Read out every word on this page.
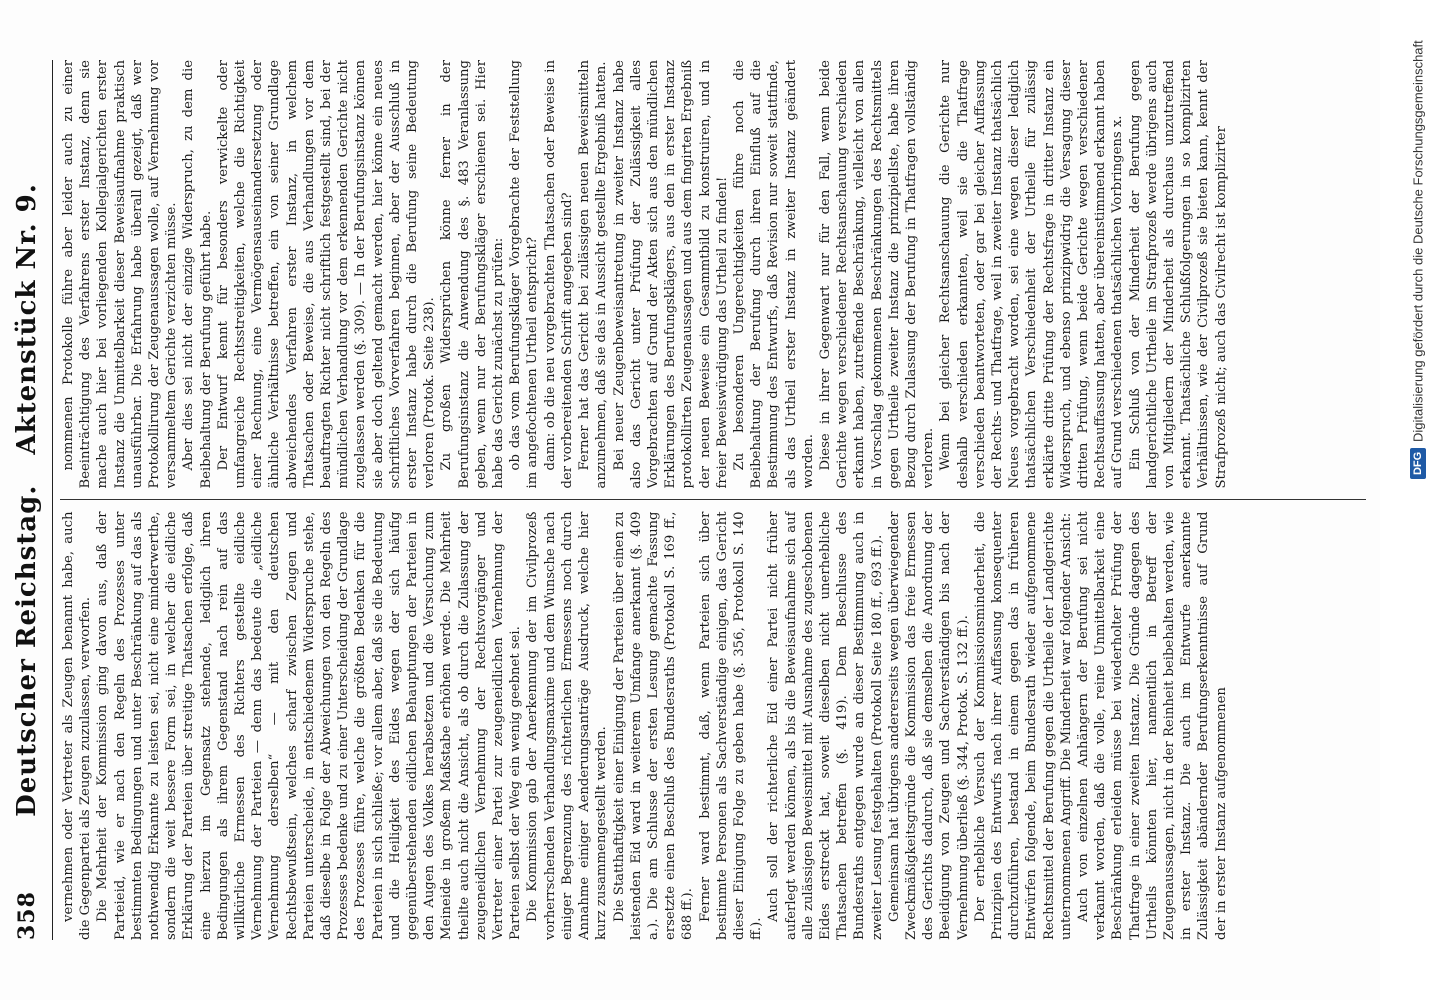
358
Deutscher Reichstag. Aktenstück Nr. 9.

vernehmen oder Vertreter als Zeugen benannt habe, auch die Gegenpartei als Zeugen zuzulassen, verworfen. Die Mehrheit der Kommission ging davon aus, daß der Parteieid, wie er nach den Regeln des Prozesses unter bestimmten Bedingungen und unter Beschränkung auf das als nothwendig Erkannte zu leisten sei, nicht eine minderwerthe, sondern die weit bessere Form sei, in welcher die eidliche Erklärung der Parteien über streitige Thatsachen erfolge, daß eine hierzu im Gegensatz stehende, lediglich ihren Bedingungen als ihrem Gegenstand nach rein auf das willkürliche Ermessen des Richters gestellte eidliche Vernehmung der Parteien — denn das bedeute die „eidliche Vernehmung derselben“ — mit den deutschen Rechtsbewußtsein, welches scharf zwischen Zeugen und Parteien unterscheide, in entschiedenem Widerspruche stehe, daß dieselbe in Folge der Abweichungen von den Regeln des Prozesses bedenke und zu einer Unterscheidung der Grundlage des Prozesses führe, welche die größten Bedenken für die Parteien in sich schließe; vor allem aber, daß sie die Bedeutung und die Heiligkeit des Eides wegen der sich häufig gegenüberstehenden eidlichen Behauptungen der Parteien in den Augen des Volkes herabsetzen und die Versuchung zum Meineide in großem Maßstabe erhöhen werde. Die Mehrheit theilte auch nicht die Ansicht, als ob durch die Zulassung der zeugeneidlichen Vernehmung der Rechtsvorgänger und Vertreter einer Partei zur zeugeneidlichen Vernehmung der Parteien selbst der Weg ein wenig geebnet sei. Die Kommission gab der Anerkennung der im Civilprozeß vorherrschenden Verhandlungsmaxime und dem Wunsche nach einiger Begrenzung des richterlichen Ermessens noch durch Annahme einiger Aenderungsanträge Ausdruck, welche hier kurz zusammengestellt werden. Die Statthaftigkeit einer Einigung der Parteien über einen zu leistenden Eid ward in weiterem Umfange anerkannt (§. 409 a.). Die am Schlusse der ersten Lesung gemachte Fassung ersetzte einen Beschluß des Bundesraths (Protokoll S. 169 ff., 688 ff.). Ferner ward bestimmt, daß, wenn Parteien sich über bestimmte Personen als Sachverständige einigen, das Gericht dieser Einigung Folge zu geben habe (§. 356, Protokoll S. 140 ff.).

Auch soll der richterliche Eid einer Partei nicht früher auferlegt werden können, als bis die Beweisaufnahme sich auf alle zulässigen Beweismittel mit Ausnahme des zugeschobenen Eides erstreckt hat, soweit dieselben nicht unerhebliche Thatsachen betreffen (§. 419). Dem Beschlusse des Bundesraths entgegen wurde an dieser Bestimmung auch in zweiter Lesung festgehalten (Protokoll Seite 180 ff., 693 ff.). Gemeinsam hat übrigens andererseits wegen überwiegender Zweckmäßigkeitsgründe die Kommission das freie Ermessen des Gerichts dadurch, daß sie demselben die Anordnung der Beeidigung von Zeugen und Sachverständigen bis nach der Vernehmung überließ (§. 344, Protok. S. 132 ff.). Der erhebliche Versuch der Kommissionsminderheit, die Prinzipien des Entwurfs nach ihrer Auffassung konsequenter durchzuführen, bestand in einem gegen das in früheren Entwürfen folgende, beim Bundesrath wieder aufgenommene Rechtsmittel der Berufung gegen die Urtheile der Landgerichte unternommenen Angriff. Die Minderheit war folgender Ansicht: Auch von einzelnen Anhängern der Berufung sei nicht verkannt worden, daß die volle, reine Unmittelbarkeit eine Beschränkung erleiden müsse bei wiederholter Prüfung der Thatfrage in einer zweiten Instanz. Die Gründe dagegen des Urtheils könnten hier, namentlich in Betreff der Zeugenaussagen, nicht in der Reinheit beibehalten werden, wie in erster Instanz. Die auch im Entwurfe anerkannte Zulässigkeit abändernder Berufungserkenntnisse auf Grund der in erster Instanz aufgenommenen

nommenen Protokolle führe aber leider auch zu einer Beeinträchtigung des Verfahrens erster Instanz, denn sie mache auch hier bei vorliegenden Kollegialgerichten erster Instanz die Unmittelbarkeit dieser Beweisaufnahme praktisch unausführbar. Die Erfahrung habe überall gezeigt, daß wer Protokollirung der Zeugenaussagen wolle, auf Vernehmung vor versammeltem Gerichte verzichten müsse. Aber dies sei nicht der einzige Widerspruch, zu dem die Beibehaltung der Berufung geführt habe. Der Entwurf kennt für besonders verwickelte oder umfangreiche Rechtsstreitigkeiten, welche die Richtigkeit einer Rechnung, eine Vermögensauseinandersetzung oder ähnliche Verhältnisse betreffen, ein von seiner Grundlage abweichendes Verfahren erster Instanz, in welchem Thatsachen oder Beweise, die aus Verhandlungen vor dem beauftragten Richter nicht schriftlich festgestellt sind, bei der mündlichen Verhandlung vor dem erkennenden Gerichte nicht zugelassen werden (§. 309). — In der Berufungsinstanz können sie aber doch geltend gemacht werden, hier könne ein neues schriftliches Vorverfahren beginnen, aber der Ausschluß in erster Instanz habe durch die Berufung seine Bedeutung verloren (Protok. Seite 238). Zu großen Widersprüchen könne ferner in der Berufungsinstanz die Anwendung des §. 483 Veranlassung geben, wenn nur der Berufungskläger erschienen sei. Hier habe das Gericht zunächst zu prüfen: ob das vom Berufungskläger Vorgebrachte der Feststellung im angefochtenen Urtheil entspricht? dann: ob die neu vorgebrachten Thatsachen oder Beweise in der vorbereitenden Schrift angegeben sind? Ferner hat das Gericht bei zulässigen neuen Beweismitteln anzunehmen, daß sie das in Aussicht gestellte Ergebniß hatten. Bei neuer Zeugenbeweisantretung in zweiter Instanz habe also das Gericht unter Prüfung der Zulässigkeit alles Vorgebrachten auf Grund der Akten sich aus den mündlichen Erklärungen des Berufungsklägers, aus den in erster Instanz protokollirten Zeugenaussagen und aus dem fingirten Ergebniß der neuen Beweise ein Gesammtbild zu konstruiren, und in freier Beweiswürdigung das Urtheil zu finden! Zu besonderen Ungerechtigkeiten führe noch die Beibehaltung der Berufung durch ihren Einfluß auf die Bestimmung des Entwurfs, daß Revision nur soweit stattfinde, als das Urtheil erster Instanz in zweiter Instanz geändert worden. Diese in ihrer Gegenwart nur für den Fall, wenn beide Gerichte wegen verschiedener Rechtsanschauung verschieden erkannt haben, zutreffende Beschränkung, vielleicht von allen in Vorschlag gekommenen Beschränkungen des Rechtsmittels gegen Urtheile zweiter Instanz die prinzipiellste, habe ihren Bezug durch Zulassung der Berufung in Thatfragen vollständig verloren. Wenn bei gleicher Rechtsanschauung die Gerichte nur deshalb verschieden erkannten, weil sie die Thatfrage verschieden beantworteten, oder gar bei gleicher Auffassung der Rechts- und Thatfrage, weil in zweiter Instanz thatsächlich Neues vorgebracht worden, sei eine wegen dieser lediglich thatsächlichen Verschiedenheit der Urtheile für zulässig erklärte dritte Prüfung der Rechtsfrage in dritter Instanz ein Widerspruch, und ebenso prinzipwidrig die Versagung dieser dritten Prüfung, wenn beide Gerichte wegen verschiedener Rechtsauffassung hatten, aber übereinstimmend erkannt haben auf Grund verschiedenen thatsächlichen Vorbringens x. Ein Schluß von der Minderheit der Berufung gegen landgerichtliche Urtheile im Strafprozeß werde übrigens auch von Mitgliedern der Minderheit als durchaus unzutreffend erkannt. Thatsächliche Schlußfolgerungen in so komplizirten Verhältnissen, wie der Civilprozeß sie bieten kann, kennt der Strafprozeß nicht; auch das Civilrecht ist komplizirter	DFG
Digitalisierung gefördert durch die Deutsche Forschungsgemeinschaft
